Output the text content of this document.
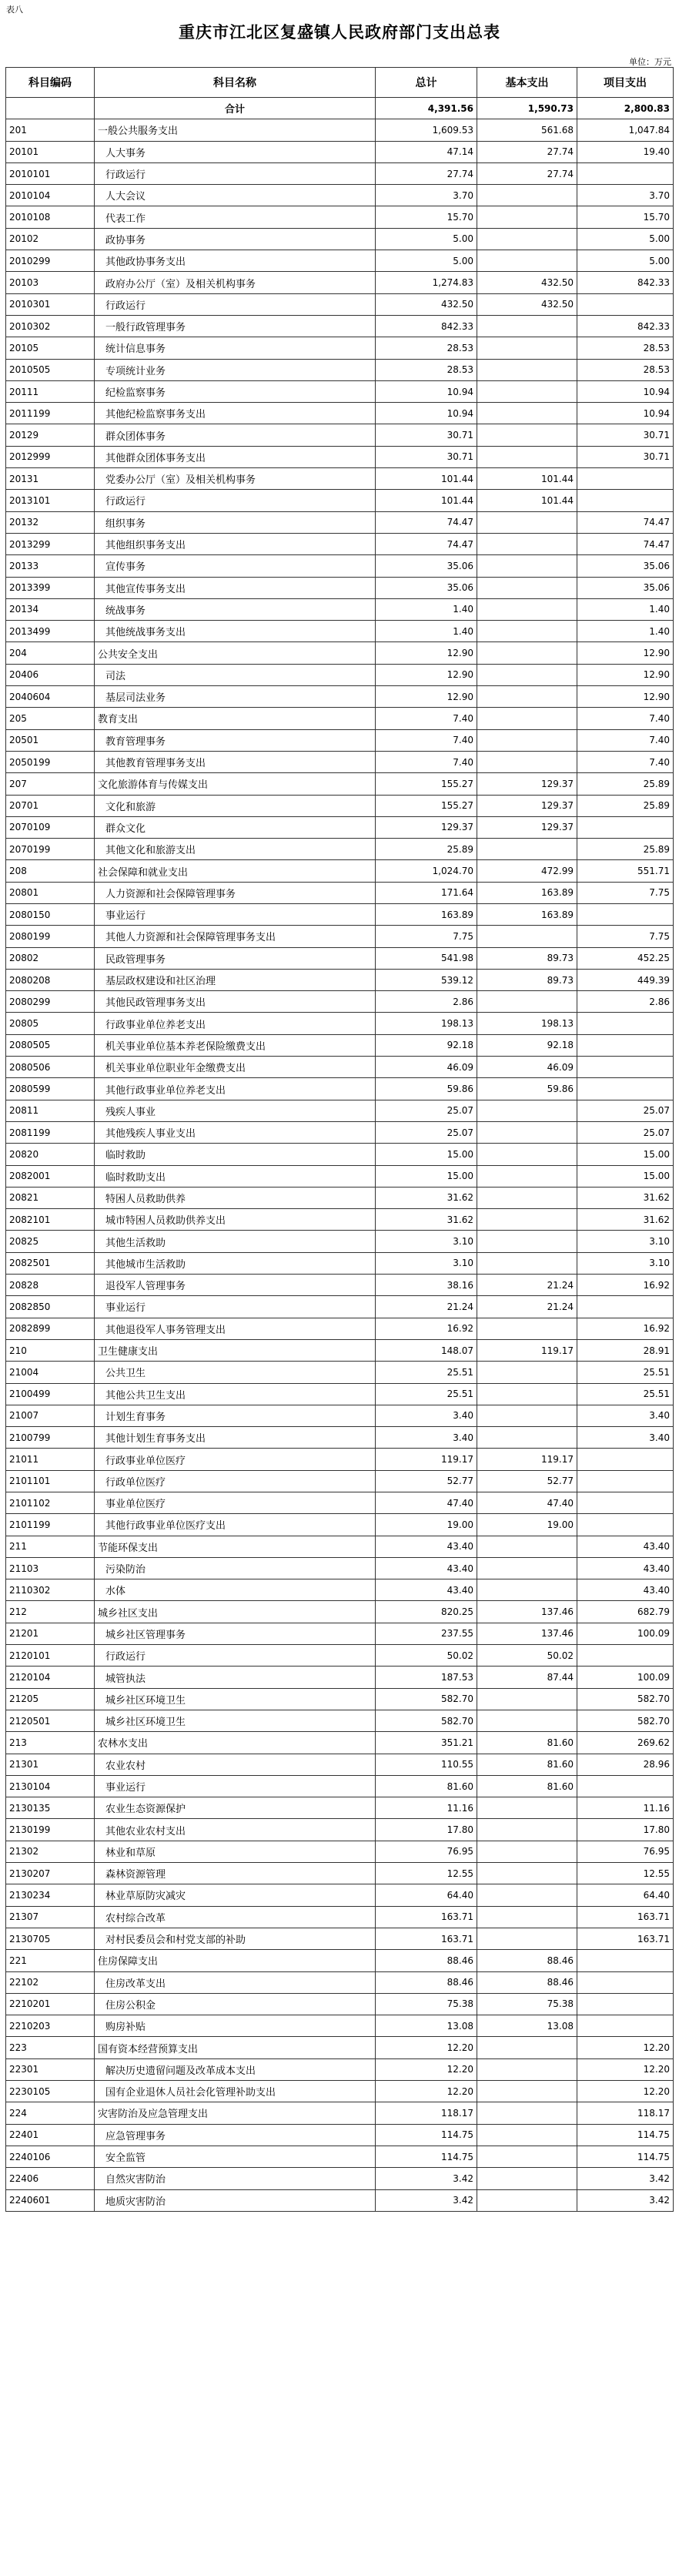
表八
重庆市江北区复盛镇人民政府部门支出总表
单位：万元
科目编码	科目名称	总计	基本支出	项目支出
	合计	4,391.56	1,590.73	2,800.83
201	一般公共服务支出	1,609.53	561.68	1,047.84
20101	人大事务	47.14	27.74	19.40
2010101	行政运行	27.74	27.74	
2010104	人大会议	3.70		3.70
2010108	代表工作	15.70		15.70
20102	政协事务	5.00		5.00
2010299	其他政协事务支出	5.00		5.00
20103	政府办公厅（室）及相关机构事务	1,274.83	432.50	842.33
2010301	行政运行	432.50	432.50	
2010302	一般行政管理事务	842.33		842.33
20105	统计信息事务	28.53		28.53
2010505	专项统计业务	28.53		28.53
20111	纪检监察事务	10.94		10.94
2011199	其他纪检监察事务支出	10.94		10.94
20129	群众团体事务	30.71		30.71
2012999	其他群众团体事务支出	30.71		30.71
20131	党委办公厅（室）及相关机构事务	101.44	101.44	
2013101	行政运行	101.44	101.44	
20132	组织事务	74.47		74.47
2013299	其他组织事务支出	74.47		74.47
20133	宣传事务	35.06		35.06
2013399	其他宣传事务支出	35.06		35.06
20134	统战事务	1.40		1.40
2013499	其他统战事务支出	1.40		1.40
204	公共安全支出	12.90		12.90
20406	司法	12.90		12.90
2040604	基层司法业务	12.90		12.90
205	教育支出	7.40		7.40
20501	教育管理事务	7.40		7.40
2050199	其他教育管理事务支出	7.40		7.40
207	文化旅游体育与传媒支出	155.27	129.37	25.89
20701	文化和旅游	155.27	129.37	25.89
2070109	群众文化	129.37	129.37	
2070199	其他文化和旅游支出	25.89		25.89
208	社会保障和就业支出	1,024.70	472.99	551.71
20801	人力资源和社会保障管理事务	171.64	163.89	7.75
2080150	事业运行	163.89	163.89	
2080199	其他人力资源和社会保障管理事务支出	7.75		7.75
20802	民政管理事务	541.98	89.73	452.25
2080208	基层政权建设和社区治理	539.12	89.73	449.39
2080299	其他民政管理事务支出	2.86		2.86
20805	行政事业单位养老支出	198.13	198.13	
2080505	机关事业单位基本养老保险缴费支出	92.18	92.18	
2080506	机关事业单位职业年金缴费支出	46.09	46.09	
2080599	其他行政事业单位养老支出	59.86	59.86	
20811	残疾人事业	25.07		25.07
2081199	其他残疾人事业支出	25.07		25.07
20820	临时救助	15.00		15.00
2082001	临时救助支出	15.00		15.00
20821	特困人员救助供养	31.62		31.62
2082101	城市特困人员救助供养支出	31.62		31.62
20825	其他生活救助	3.10		3.10
2082501	其他城市生活救助	3.10		3.10
20828	退役军人管理事务	38.16	21.24	16.92
2082850	事业运行	21.24	21.24	
2082899	其他退役军人事务管理支出	16.92		16.92
210	卫生健康支出	148.07	119.17	28.91
21004	公共卫生	25.51		25.51
2100499	其他公共卫生支出	25.51		25.51
21007	计划生育事务	3.40		3.40
2100799	其他计划生育事务支出	3.40		3.40
21011	行政事业单位医疗	119.17	119.17	
2101101	行政单位医疗	52.77	52.77	
2101102	事业单位医疗	47.40	47.40	
2101199	其他行政事业单位医疗支出	19.00	19.00	
211	节能环保支出	43.40		43.40
21103	污染防治	43.40		43.40
2110302	水体	43.40		43.40
212	城乡社区支出	820.25	137.46	682.79
21201	城乡社区管理事务	237.55	137.46	100.09
2120101	行政运行	50.02	50.02	
2120104	城管执法	187.53	87.44	100.09
21205	城乡社区环境卫生	582.70		582.70
2120501	城乡社区环境卫生	582.70		582.70
213	农林水支出	351.21	81.60	269.62
21301	农业农村	110.55	81.60	28.96
2130104	事业运行	81.60	81.60	
2130135	农业生态资源保护	11.16		11.16
2130199	其他农业农村支出	17.80		17.80
21302	林业和草原	76.95		76.95
2130207	森林资源管理	12.55		12.55
2130234	林业草原防灾减灾	64.40		64.40
21307	农村综合改革	163.71		163.71
2130705	对村民委员会和村党支部的补助	163.71		163.71
221	住房保障支出	88.46	88.46	
22102	住房改革支出	88.46	88.46	
2210201	住房公积金	75.38	75.38	
2210203	购房补贴	13.08	13.08	
223	国有资本经营预算支出	12.20		12.20
22301	解决历史遗留问题及改革成本支出	12.20		12.20
2230105	国有企业退休人员社会化管理补助支出	12.20		12.20
224	灾害防治及应急管理支出	118.17		118.17
22401	应急管理事务	114.75		114.75
2240106	安全监管	114.75		114.75
22406	自然灾害防治	3.42		3.42
2240601	地质灾害防治	3.42		3.42
